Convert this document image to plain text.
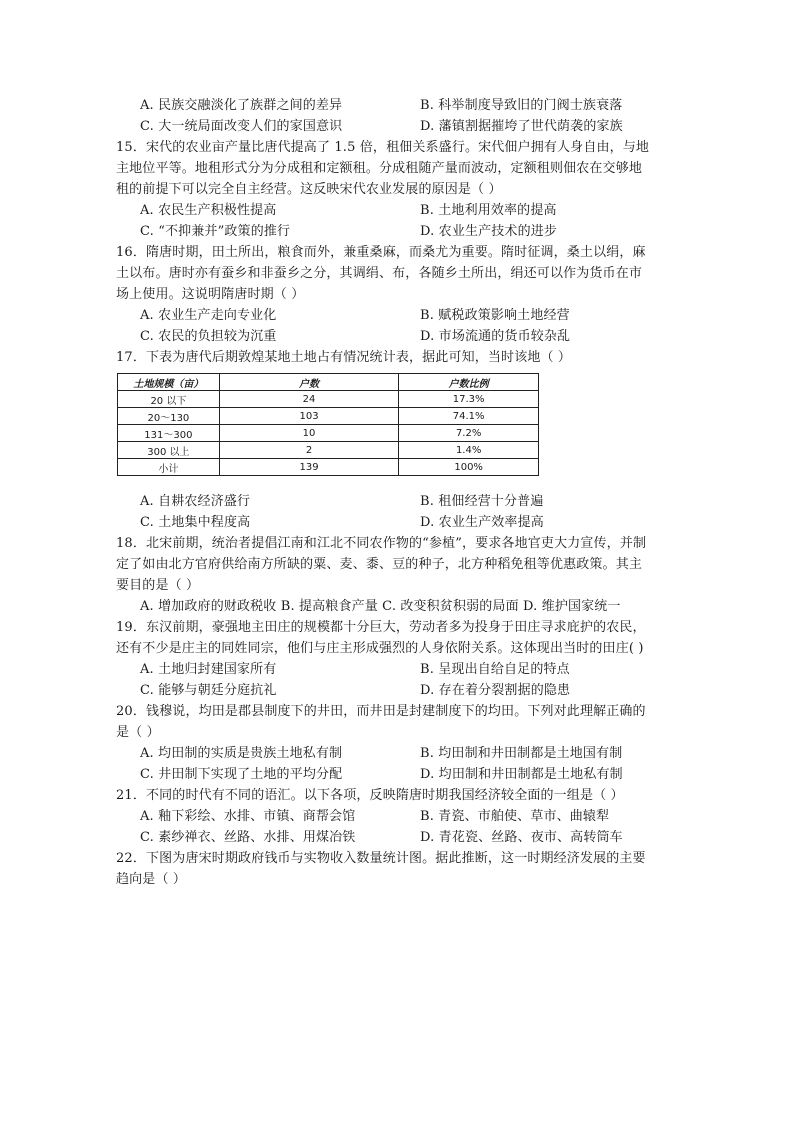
A. 民族交融淡化了族群之间的差异	B. 科举制度导致旧的门阀士族衰落
C. 大一统局面改变人们的家国意识	D. 藩镇割据摧垮了世代荫袭的家族
15．宋代的农业亩产量比唐代提高了 1.5 倍，租佃关系盛行。宋代佃户拥有人身自由，与地
主地位平等。地租形式分为分成租和定额租。分成租随产量而波动，定额租则佃农在交够地
租的前提下可以完全自主经营。这反映宋代农业发展的原因是（ ）
A. 农民生产积极性提高	B. 土地利用效率的提高
C. “不抑兼并”政策的推行	D. 农业生产技术的进步
16．隋唐时期，田土所出，粮食而外，兼重桑麻，而桑尤为重要。隋时征调，桑土以绢，麻
土以布。唐时亦有蚕乡和非蚕乡之分，其调绢、布，各随乡土所出，绢还可以作为货币在市
场上使用。这说明隋唐时期（ ）
A. 农业生产走向专业化	B. 赋税政策影响土地经营
C. 农民的负担较为沉重	D. 市场流通的货币较杂乱
17．下表为唐代后期敦煌某地土地占有情况统计表，据此可知，当时该地（ ）
土地规模（亩）	户数	户数比例
20 以下	24	17.3%
20～130	103	74.1%
131～300	10	7.2%
300 以上	2	1.4%
小计	139	100%
A. 自耕农经济盛行	B. 租佃经营十分普遍
C. 土地集中程度高	D. 农业生产效率提高
18．北宋前期，统治者提倡江南和江北不同农作物的“参植”，要求各地官吏大力宣传，并制
定了如由北方官府供给南方所缺的粟、麦、黍、豆的种子，北方种稻免租等优惠政策。其主
要目的是（ ）
A. 增加政府的财政税收 B. 提高粮食产量 C. 改变积贫积弱的局面 D. 维护国家统一
19．东汉前期，豪强地主田庄的规模都十分巨大，劳动者多为投身于田庄寻求庇护的农民，
还有不少是庄主的同姓同宗，他们与庄主形成强烈的人身依附关系。这体现出当时的田庄( )
A. 土地归封建国家所有	B. 呈现出自给自足的特点
C. 能够与朝廷分庭抗礼	D. 存在着分裂割据的隐患
20．钱穆说，均田是郡县制度下的井田，而井田是封建制度下的均田。下列对此理解正确的
是（ ）
A. 均田制的实质是贵族土地私有制	B. 均田制和井田制都是土地国有制
C. 井田制下实现了土地的平均分配	D. 均田制和井田制都是土地私有制
21．不同的时代有不同的语汇。以下各项，反映隋唐时期我国经济较全面的一组是（ ）
A. 釉下彩绘、水排、市镇、商帮会馆	B. 青瓷、市舶使、草市、曲辕犁
C. 素纱禅衣、丝路、水排、用煤冶铁	D. 青花瓷、丝路、夜市、高转筒车
22．下图为唐宋时期政府钱币与实物收入数量统计图。据此推断，这一时期经济发展的主要
趋向是（ ）
